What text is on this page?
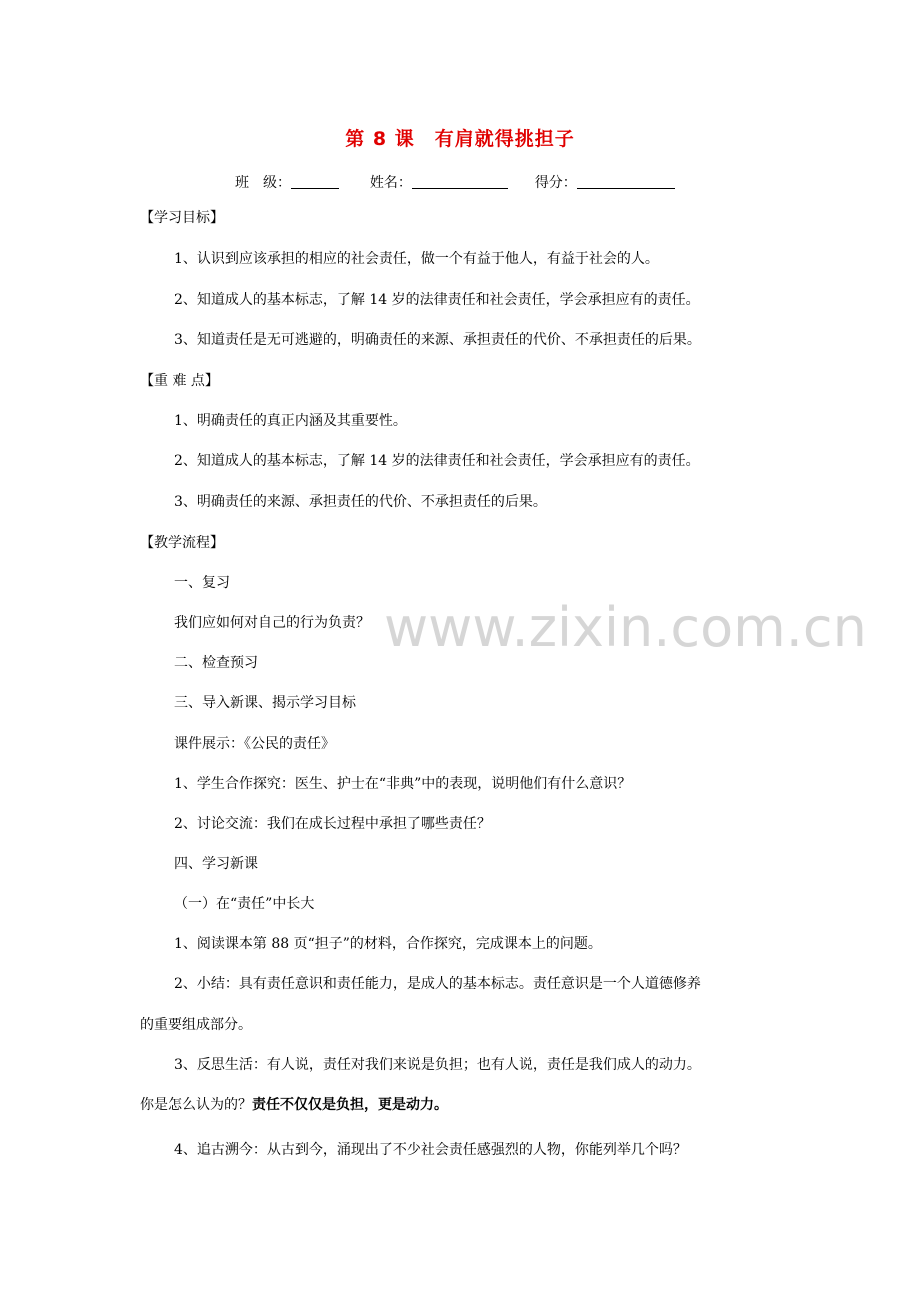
www.zixin.com.cn
第 8 课　有肩就得挑担子
班　级：	姓名：	得分：
【学习目标】
1、认识到应该承担的相应的社会责任，做一个有益于他人，有益于社会的人。
2、知道成人的基本标志，了解 14 岁的法律责任和社会责任，学会承担应有的责任。
3、知道责任是无可逃避的，明确责任的来源、承担责任的代价、不承担责任的后果。
【重 难 点】
1、明确责任的真正内涵及其重要性。
2、知道成人的基本标志，了解 14 岁的法律责任和社会责任，学会承担应有的责任。
3、明确责任的来源、承担责任的代价、不承担责任的后果。
【教学流程】
一、复习
我们应如何对自己的行为负责？
二、检查预习
三、导入新课、揭示学习目标
课件展示：《公民的责任》
1、学生合作探究：医生、护士在“非典”中的表现，说明他们有什么意识？
2、讨论交流：我们在成长过程中承担了哪些责任？
四、学习新课
（一）在“责任”中长大
1、阅读课本第 88 页“担子”的材料，合作探究，完成课本上的问题。
2、小结：具有责任意识和责任能力，是成人的基本标志。责任意识是一个人道德修养
的重要组成部分。
3、反思生活：有人说，责任对我们来说是负担；也有人说，责任是我们成人的动力。
你是怎么认为的？责任不仅仅是负担，更是动力。
4、追古溯今：从古到今，涌现出了不少社会责任感强烈的人物，你能列举几个吗？
